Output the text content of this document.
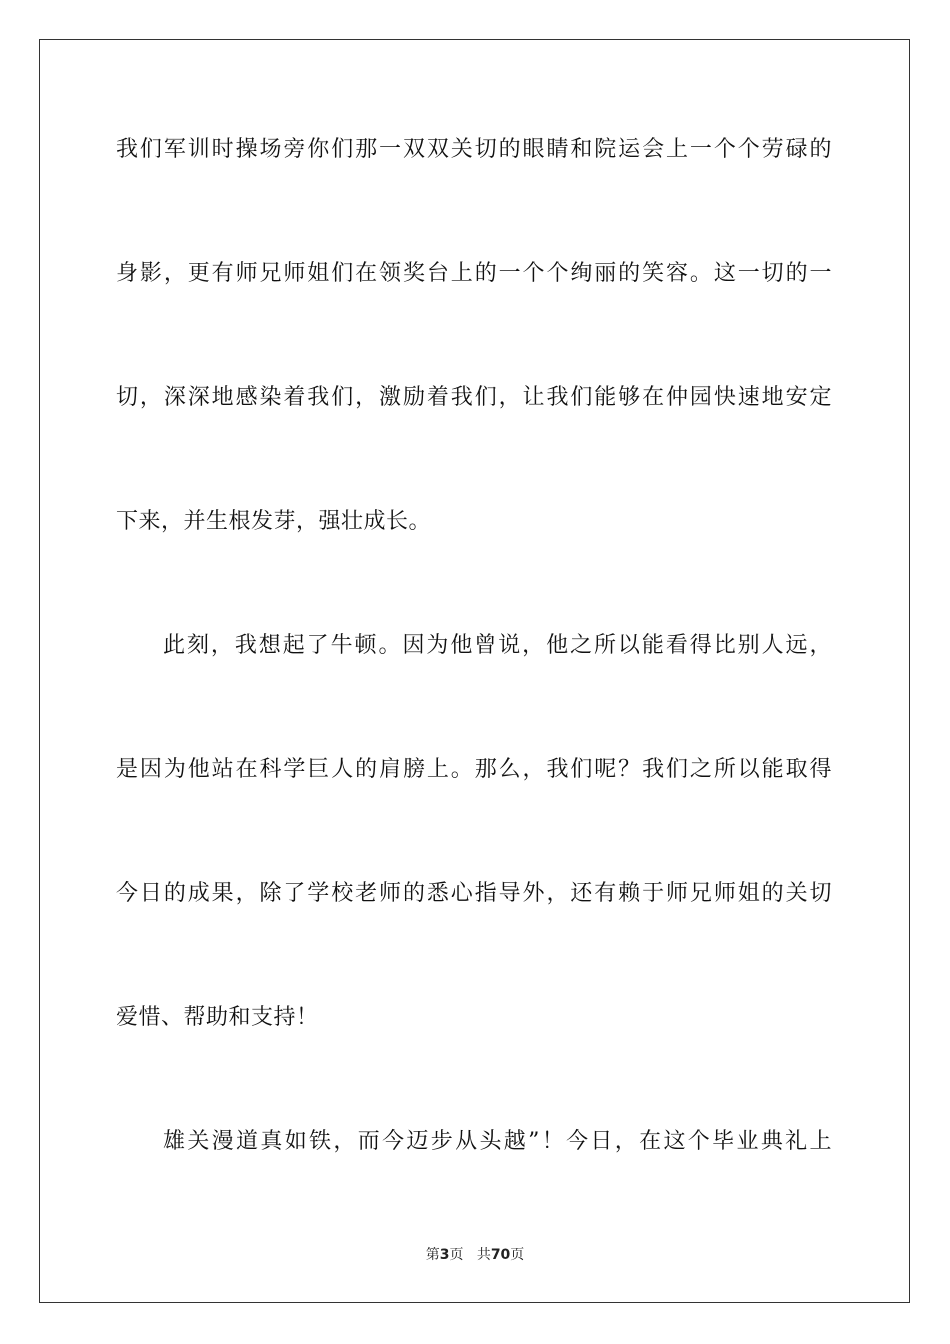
我们军训时操场旁你们那一双双关切的眼睛和院运会上一个个劳碌的
身影，更有师兄师姐们在领奖台上的一个个绚丽的笑容。这一切的一
切，深深地感染着我们，激励着我们，让我们能够在仲园快速地安定
下来，并生根发芽，强壮成长。
此刻，我想起了牛顿。因为他曾说，他之所以能看得比别人远，
是因为他站在科学巨人的肩膀上。那么，我们呢？我们之所以能取得
今日的成果，除了学校老师的悉心指导外，还有赖于师兄师姐的关切
爱惜、帮助和支持！
雄关漫道真如铁，而今迈步从头越”！今日，在这个毕业典礼上
第3页 共70页
